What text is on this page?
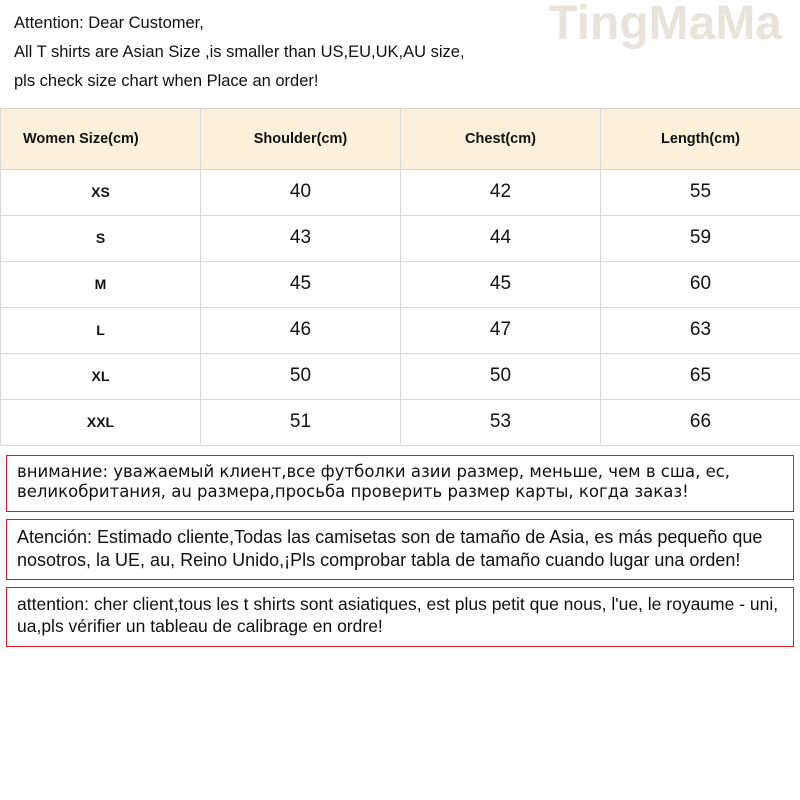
TingMaMa

Attention: Dear Customer,

All T shirts are Asian Size ,is smaller than US,EU,UK,AU size,

pls check size chart when Place an order!

Women Size(cm)	Shoulder(cm)	Chest(cm)	Length(cm)
XS	40	42	55
S	43	44	59
M	45	45	60
L	46	47	63
XL	50	50	65
XXL	51	53	66

внимание: уважаемый клиент,все футболки азии размер, меньше, чем в сша, ес, великобритания, au размера,просьба проверить размер карты, когда заказ!

Atención: Estimado cliente,Todas las camisetas son de tamaño de Asia, es más pequeño que nosotros, la UE, au, Reino Unido,¡Pls comprobar tabla de tamaño cuando lugar una orden!

attention: cher client,tous les t shirts sont asiatiques, est plus petit que nous, l'ue, le royaume - uni, ua,pls vérifier un tableau de calibrage en ordre!
